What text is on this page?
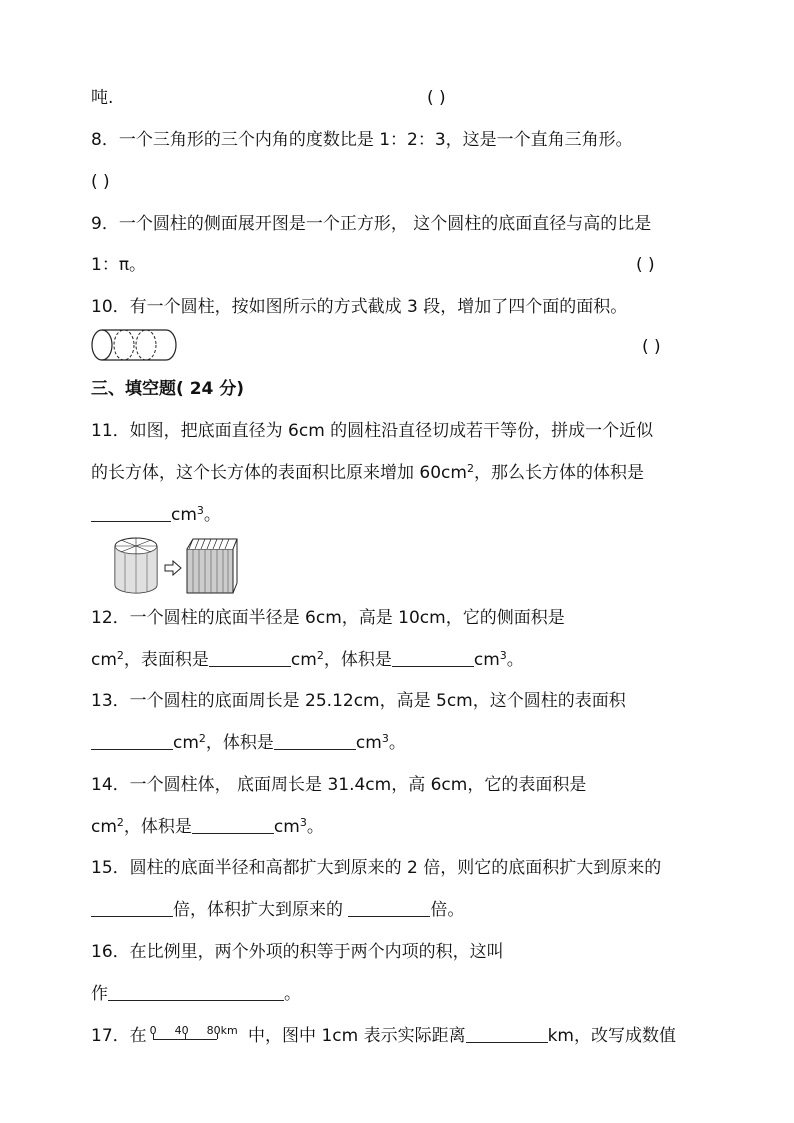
吨.	( )
8．一个三角形的三个内角的度数比是 1：2：3，这是一个直角三角形。
( )
9．一个圆柱的侧面展开图是一个正方形， 这个圆柱的底面直径与高的比是
1：π。	( )
10．有一个圆柱，按如图所示的方式截成 3 段，增加了四个面的面积。
( )
三、填空题( 24 分)
11．如图，把底面直径为 6cm 的圆柱沿直径切成若干等份，拼成一个近似
的长方体，这个长方体的表面积比原来增加 $60cm^2$，那么长方体的体积是
$cm^3$。
12．一个圆柱的底面半径是 6cm，高是 10cm，它的侧面积是
$cm^2$，表面积是	$cm^2$，体积是	$cm^3$。
13．一个圆柱的底面周长是 25.12cm，高是 5cm，这个圆柱的表面积
$cm^2$，体积是	$cm^3$。
14．一个圆柱体， 底面周长是 31.4cm，高 6cm，它的表面积是
$cm^2$，体积是	$cm^3$。
15．圆柱的底面半径和高都扩大到原来的 2 倍，则它的底面积扩大到原来的
倍，体积扩大到原来的	倍。
16．在比例里，两个外项的积等于两个内项的积，这叫
作	。
17．在 0 40 80km 中，图中 1cm 表示实际距离	km，改写成数值
